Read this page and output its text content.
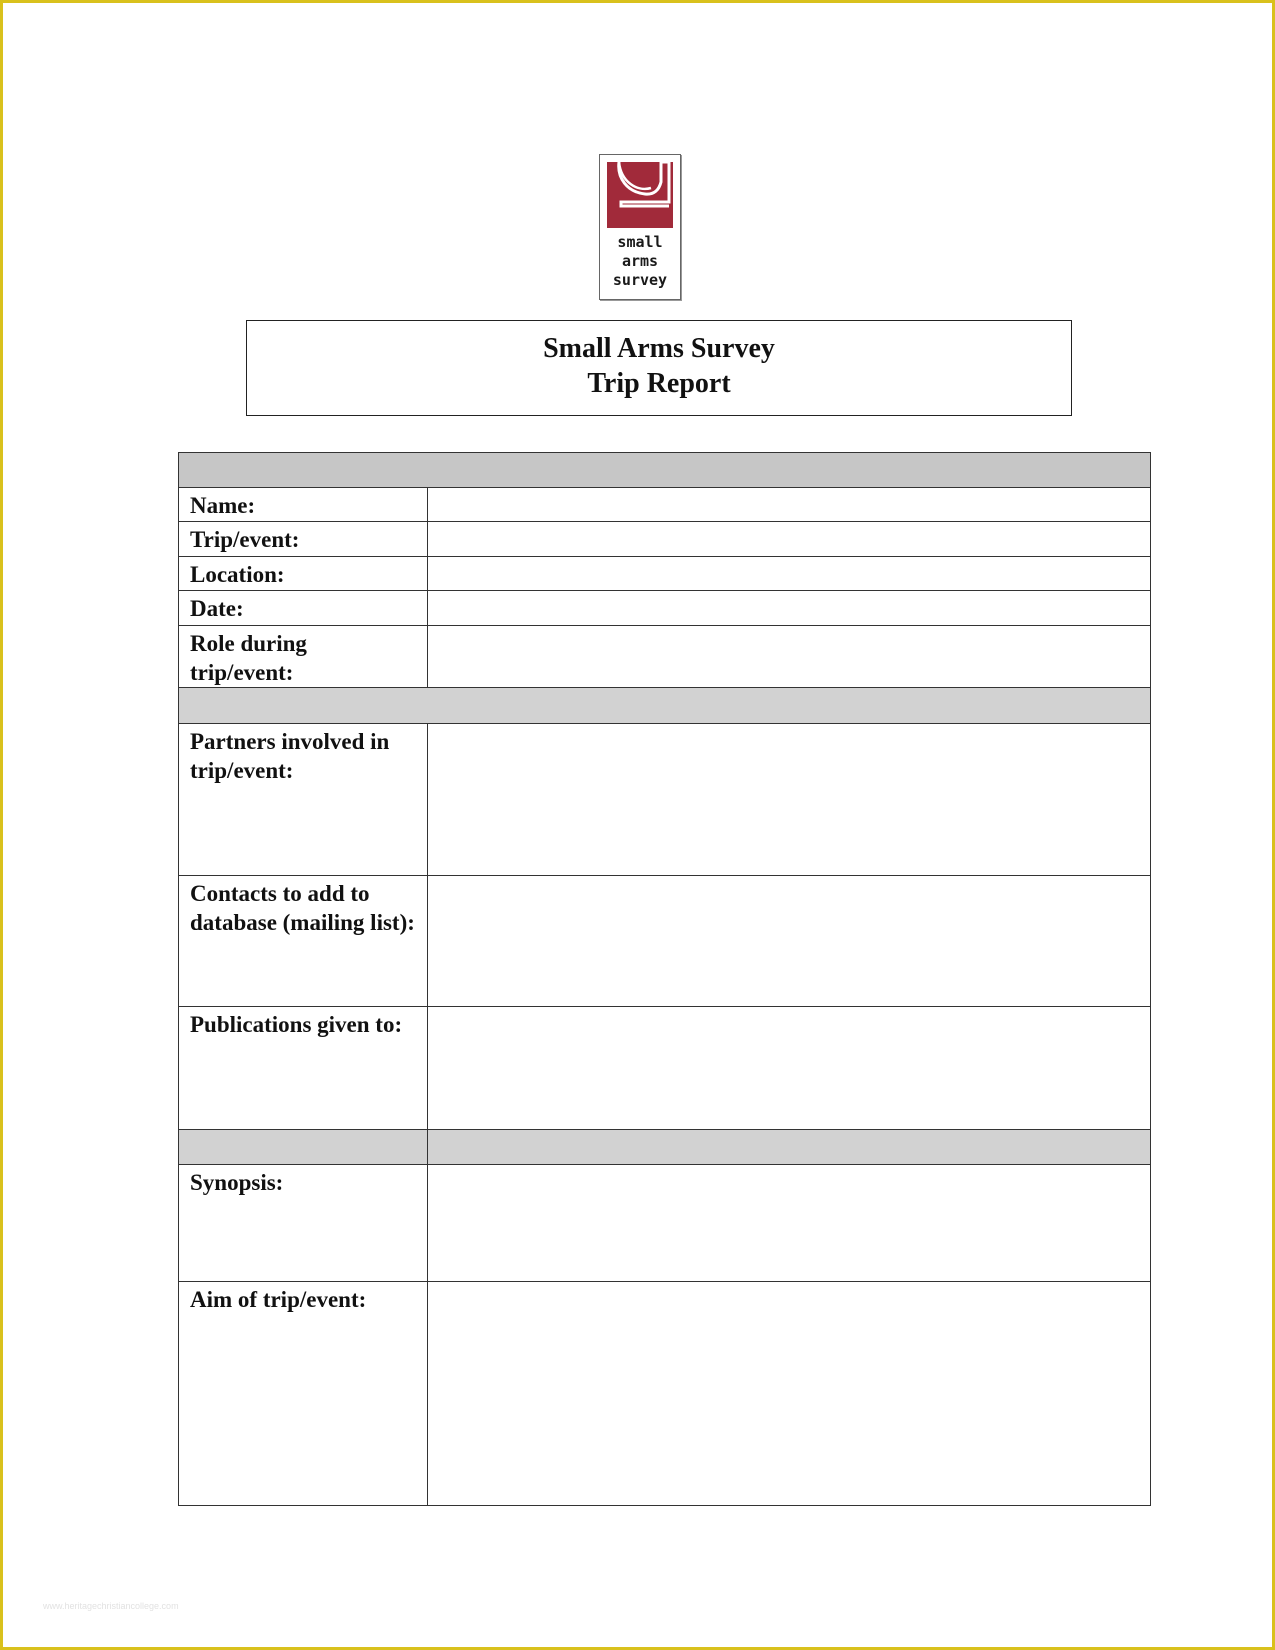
small
arms
survey
Small Arms Survey
Trip Report

Name:	
Trip/event:	
Location:	
Date:	
Role during trip/event:	

Partners involved in trip/event:	
Contacts to add to database (mailing list):	
Publications given to:	

Synopsis:	
Aim of trip/event:	
www.heritagechristiancollege.com
